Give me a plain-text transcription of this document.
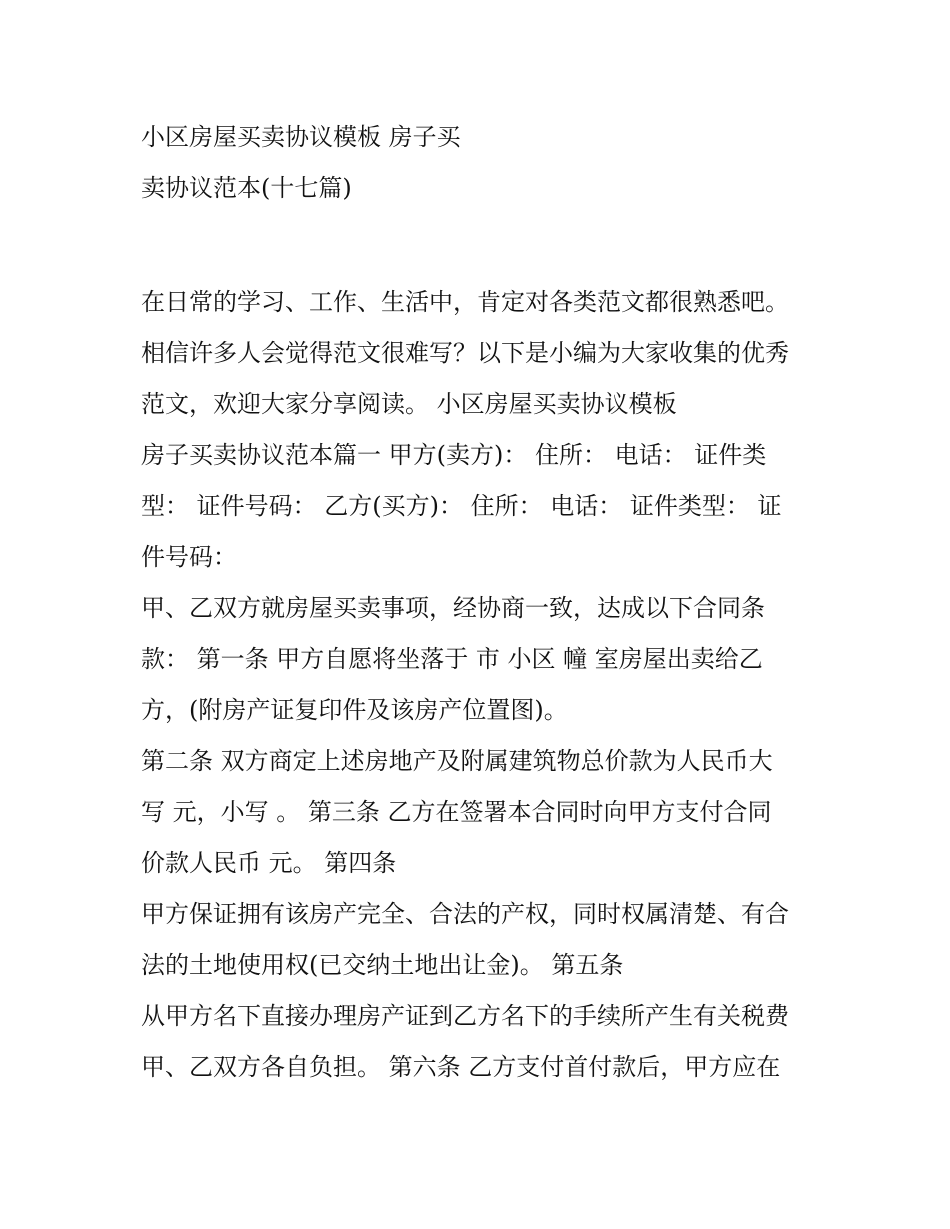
小区房屋买卖协议模板 房子买
卖协议范本(十七篇)
在日常的学习、工作、生活中，肯定对各类范文都很熟悉吧。
相信许多人会觉得范文很难写？以下是小编为大家收集的优秀
范文，欢迎大家分享阅读。 小区房屋买卖协议模板
房子买卖协议范本篇一 甲方(卖方)： 住所： 电话： 证件类
型： 证件号码： 乙方(买方)： 住所： 电话： 证件类型： 证
件号码：
甲、乙双方就房屋买卖事项，经协商一致，达成以下合同条
款： 第一条 甲方自愿将坐落于 市 小区 幢 室房屋出卖给乙
方，(附房产证复印件及该房产位置图)。
第二条 双方商定上述房地产及附属建筑物总价款为人民币大
写 元，小写 。 第三条 乙方在签署本合同时向甲方支付合同
价款人民币 元。 第四条
甲方保证拥有该房产完全、合法的产权，同时权属清楚、有合
法的土地使用权(已交纳土地出让金)。 第五条
从甲方名下直接办理房产证到乙方名下的手续所产生有关税费
甲、乙双方各自负担。 第六条 乙方支付首付款后，甲方应在
